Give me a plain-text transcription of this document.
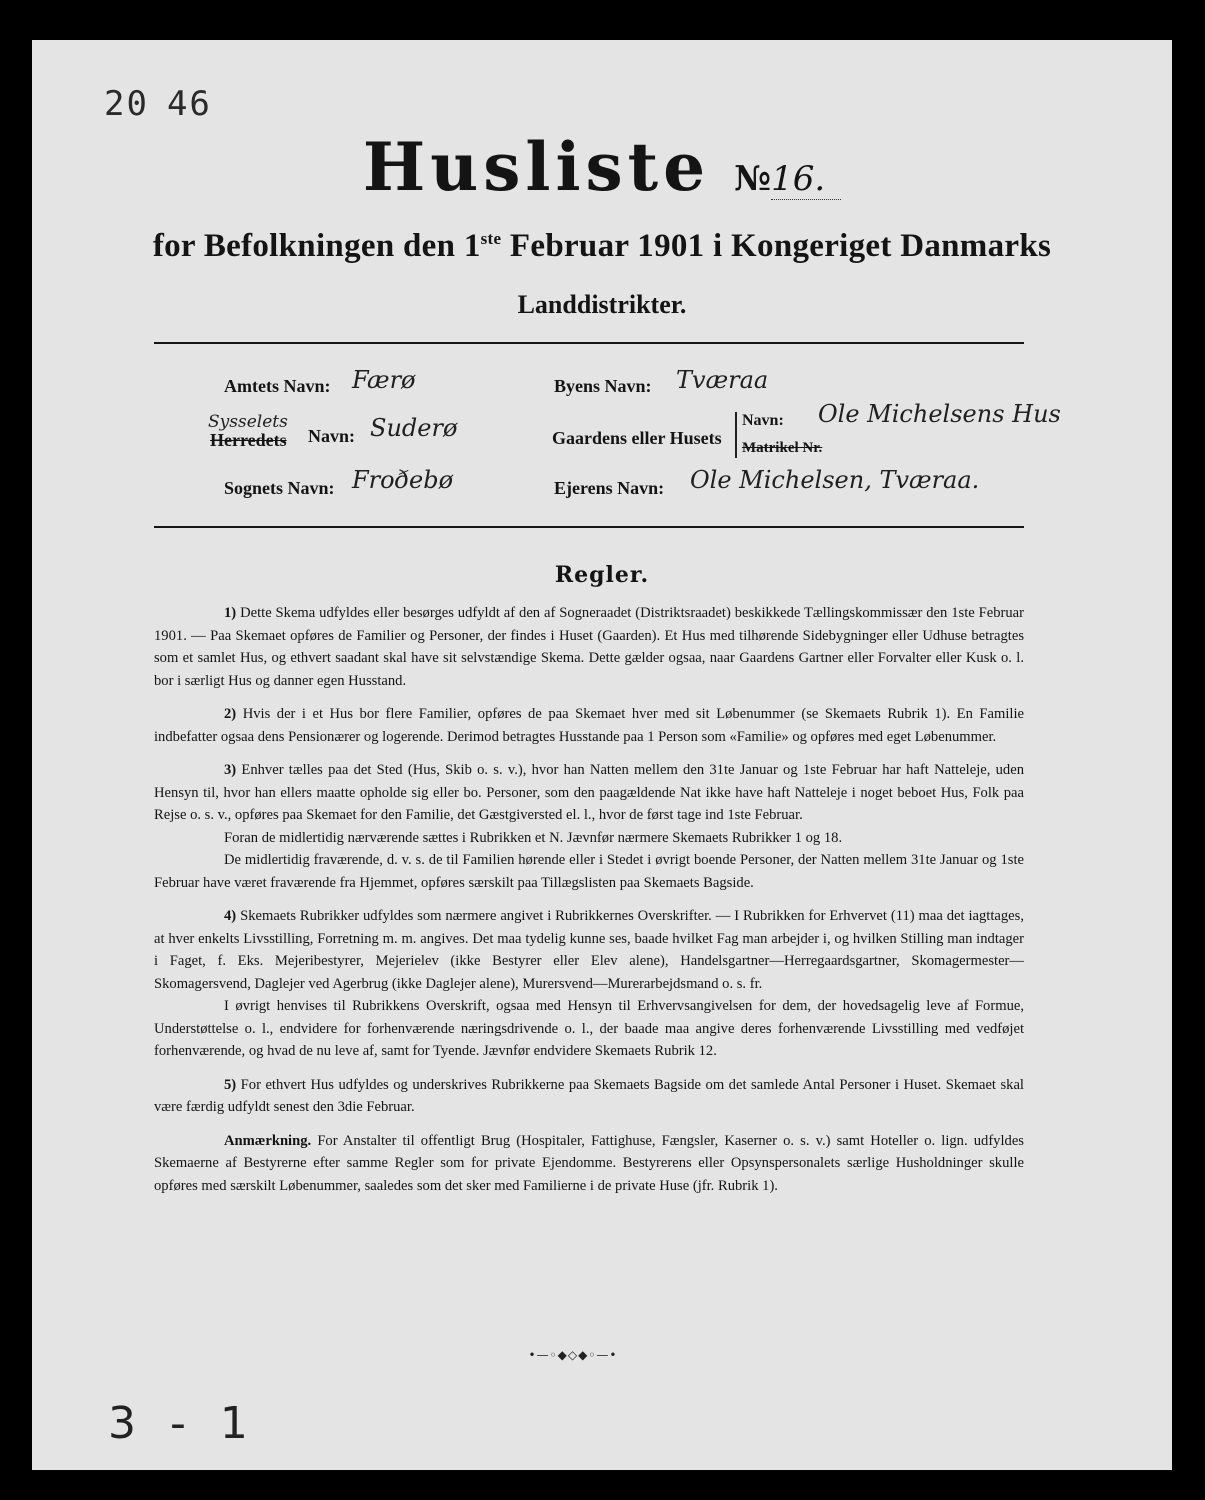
20 46
Husliste №16.
for Befolkningen den 1ste Februar 1901 i Kongeriget Danmarks
Landdistrikter.
Amtets Navn: Færø
Sysselets
Herredets Navn: Suderø
Sognets Navn: Froðebø
Byens Navn: Tværaa
Gaardens eller Husets
Navn: Ole Michelsens Hus
Matrikel Nr.
Ejerens Navn: Ole Michelsen, Tværaa.
Regler.

1) Dette Skema udfyldes eller besørges udfyldt af den af Sogneraadet (Distriktsraadet) beskikkede Tællingskommissær den 1ste Februar 1901. — Paa Skemaet opføres de Familier og Personer, der findes i Huset (Gaarden). Et Hus med tilhørende Sidebygninger eller Udhuse betragtes som et samlet Hus, og ethvert saadant skal have sit selvstændige Skema. Dette gælder ogsaa, naar Gaardens Gartner eller Forvalter eller Kusk o. l. bor i særligt Hus og danner egen Husstand.

2) Hvis der i et Hus bor flere Familier, opføres de paa Skemaet hver med sit Løbenummer (se Skemaets Rubrik 1). En Familie indbefatter ogsaa dens Pensionærer og logerende. Derimod betragtes Husstande paa 1 Person som «Familie» og opføres med eget Løbenummer.

3) Enhver tælles paa det Sted (Hus, Skib o. s. v.), hvor han Natten mellem den 31te Januar og 1ste Februar har haft Natteleje, uden Hensyn til, hvor han ellers maatte opholde sig eller bo. Personer, som den paagældende Nat ikke have haft Natteleje i noget beboet Hus, Folk paa Rejse o. s. v., opføres paa Skemaet for den Familie, det Gæstgiversted el. l., hvor de først tage ind 1ste Februar.

Foran de midlertidig nærværende sættes i Rubrikken et N. Jævnfør nærmere Skemaets Rubrikker 1 og 18.

De midlertidig fraværende, d. v. s. de til Familien hørende eller i Stedet i øvrigt boende Personer, der Natten mellem 31te Januar og 1ste Februar have været fraværende fra Hjemmet, opføres særskilt paa Tillægslisten paa Skemaets Bagside.

4) Skemaets Rubrikker udfyldes som nærmere angivet i Rubrikkernes Overskrifter. — I Rubrikken for Erhvervet (11) maa det iagttages, at hver enkelts Livsstilling, Forretning m. m. angives. Det maa tydelig kunne ses, baade hvilket Fag man arbejder i, og hvilken Stilling man indtager i Faget, f. Eks. Mejeribestyrer, Mejerielev (ikke Bestyrer eller Elev alene), Handelsgartner—Herregaardsgartner, Skomagermester—Skomagersvend, Daglejer ved Agerbrug (ikke Daglejer alene), Murersvend—Murerarbejdsmand o. s. fr.

I øvrigt henvises til Rubrikkens Overskrift, ogsaa med Hensyn til Erhvervsangivelsen for dem, der hovedsagelig leve af Formue, Understøttelse o. l., endvidere for forhenværende næringsdrivende o. l., der baade maa angive deres forhenværende Livsstilling med vedføjet forhenværende, og hvad de nu leve af, samt for Tyende. Jævnfør endvidere Skemaets Rubrik 12.

5) For ethvert Hus udfyldes og underskrives Rubrikkerne paa Skemaets Bagside om det samlede Antal Personer i Huset. Skemaet skal være færdig udfyldt senest den 3die Februar.

Anmærkning. For Anstalter til offentligt Brug (Hospitaler, Fattighuse, Fængsler, Kaserner o. s. v.) samt Hoteller o. lign. udfyldes Skemaerne af Bestyrerne efter samme Regler som for private Ejendomme. Bestyrerens eller Opsynspersonalets særlige Husholdninger skulle opføres med særskilt Løbenummer, saaledes som det sker med Familierne i de private Huse (jfr. Rubrik 1).

•—◦◆◇◆◦—•
3 - 1
